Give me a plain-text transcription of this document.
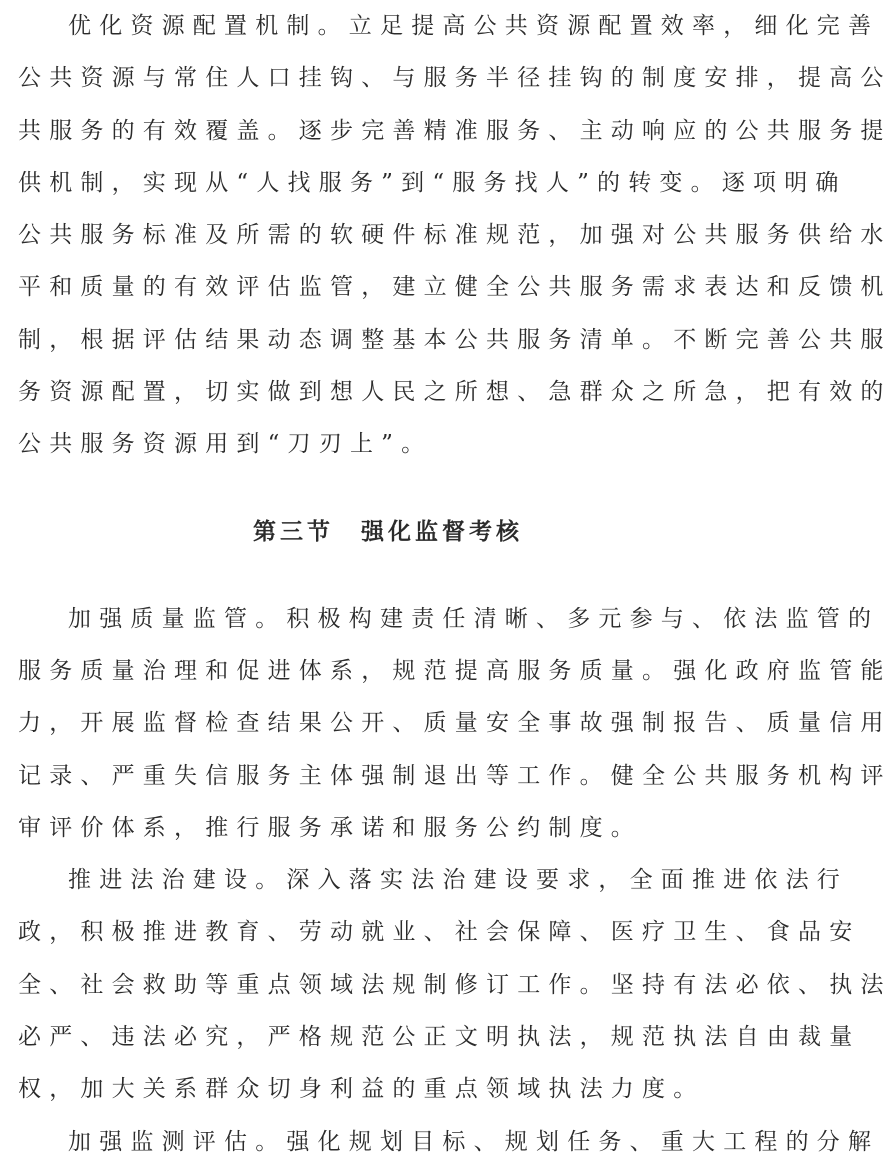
优化资源配置机制。立足提高公共资源配置效率，细化完善
公共资源与常住人口挂钩、与服务半径挂钩的制度安排，提高公
共服务的有效覆盖。逐步完善精准服务、主动响应的公共服务提
供机制，实现从“人找服务”到“服务找人”的转变。逐项明确
公共服务标准及所需的软硬件标准规范，加强对公共服务供给水
平和质量的有效评估监管，建立健全公共服务需求表达和反馈机
制，根据评估结果动态调整基本公共服务清单。不断完善公共服
务资源配置，切实做到想人民之所想、急群众之所急，把有效的
公共服务资源用到“刀刃上”。
第三节　强化监督考核
加强质量监管。积极构建责任清晰、多元参与、依法监管的
服务质量治理和促进体系，规范提高服务质量。强化政府监管能
力，开展监督检查结果公开、质量安全事故强制报告、质量信用
记录、严重失信服务主体强制退出等工作。健全公共服务机构评
审评价体系，推行服务承诺和服务公约制度。
推进法治建设。深入落实法治建设要求，全面推进依法行
政，积极推进教育、劳动就业、社会保障、医疗卫生、食品安
全、社会救助等重点领域法规制修订工作。坚持有法必依、执法
必严、违法必究，严格规范公正文明执法，规范执法自由裁量
权，加大关系群众切身利益的重点领域执法力度。
加强监测评估。强化规划目标、规划任务、重大工程的分解
